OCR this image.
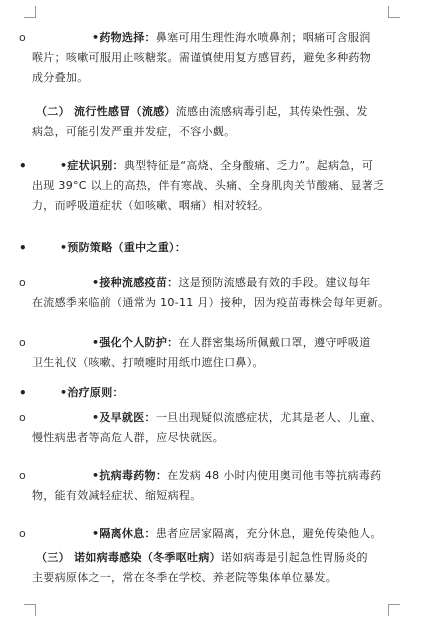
o	•药物选择：鼻塞可用生理性海水喷鼻剂；咽痛可含服润
喉片；咳嗽可服用止咳糖浆。需谨慎使用复方感冒药，避免多种药物
成分叠加。
（二） 流行性感冒（流感）流感由流感病毒引起，其传染性强、发
病急，可能引发严重并发症，不容小觑。
•	•症状识别：典型特征是“高烧、全身酸痛、乏力”。起病急，可
出现 39°C 以上的高热，伴有寒战、头痛、全身肌肉关节酸痛、显著乏
力，而呼吸道症状（如咳嗽、咽痛）相对较轻。
•	•预防策略（重中之重）：
o	•接种流感疫苗：这是预防流感最有效的手段。建议每年
在流感季来临前（通常为 10-11 月）接种，因为疫苗毒株会每年更新。
o	•强化个人防护：在人群密集场所佩戴口罩，遵守呼吸道
卫生礼仪（咳嗽、打喷嚏时用纸巾遮住口鼻）。
•	•治疗原则：
o	•及早就医：一旦出现疑似流感症状，尤其是老人、儿童、
慢性病患者等高危人群，应尽快就医。
o	•抗病毒药物：在发病 48 小时内使用奥司他韦等抗病毒药
物，能有效减轻症状、缩短病程。
o	•隔离休息：患者应居家隔离，充分休息，避免传染他人。
（三） 诺如病毒感染（冬季呕吐病）诺如病毒是引起急性胃肠炎的
主要病原体之一，常在冬季在学校、养老院等集体单位暴发。
